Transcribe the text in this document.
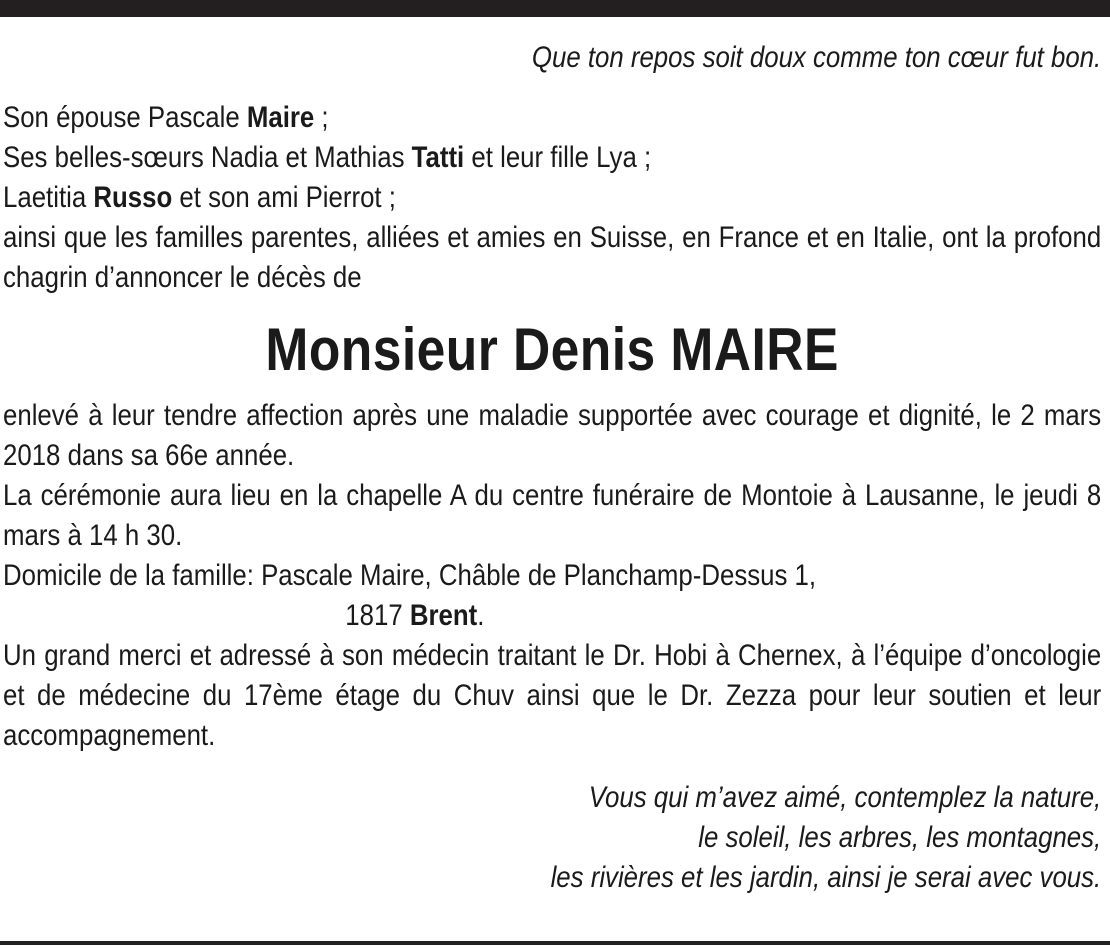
Que ton repos soit doux comme ton cœur fut bon.
Son épouse Pascale Maire ;
Ses belles-sœurs Nadia et Mathias Tatti et leur fille Lya ;
Laetitia Russo et son ami Pierrot ;
ainsi que les familles parentes, alliées et amies en Suisse, en France et en Italie, ont la profond chagrin d’annoncer le décès de
Monsieur Denis MAIRE
enlevé à leur tendre affection après une maladie supportée avec courage et dignité, le 2 mars 2018 dans sa 66e année.
La cérémonie aura lieu en la chapelle A du centre funéraire de Montoie à Lausanne, le jeudi 8 mars à 14 h 30.
Domicile de la famille: Pascale Maire, Châble de Planchamp-Dessus 1,
1817 Brent.
Un grand merci et adressé à son médecin traitant le Dr. Hobi à Chernex, à l’équipe d’oncologie et de médecine du 17ème étage du Chuv ainsi que le Dr. Zezza pour leur soutien et leur accompagnement.
Vous qui m’avez aimé, contemplez la nature,
le soleil, les arbres, les montagnes,
les rivières et les jardin, ainsi je serai avec vous.
